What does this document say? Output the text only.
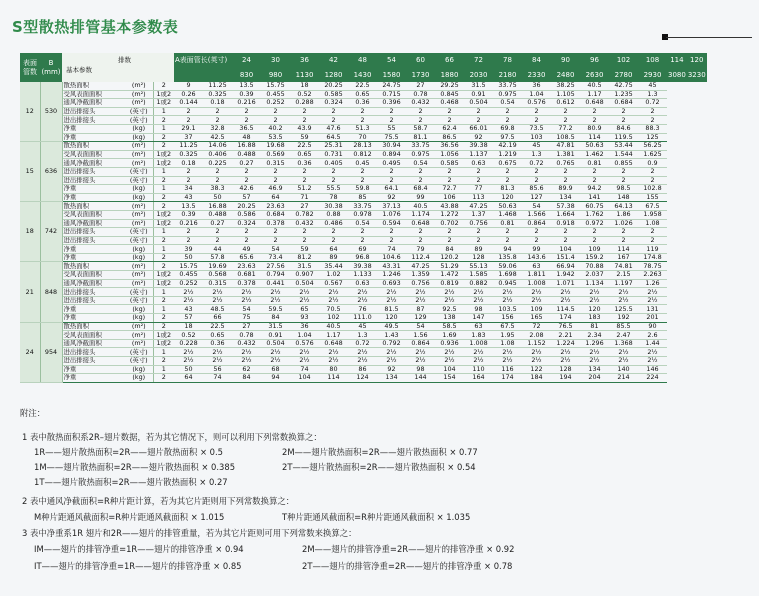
S型散热排管基本参数表
表面
管数	B
(mm)	基本参数
排数			A表面管长(英寸)		24	30	36	42	48	54	60	66	72	78	84	90	96	102	108	114	120
							830	980	1130	1280	1430	1580	1730	1880	2030	2180	2330	2480	2630	2780	2930	3080	3230
12	530	散热面积	(m²)	2	9	11.25	13.5	15.75	18	20.25	22.5	24.75	27	29.25	31.5	33.75	36	38.25	40.5	42.75	45		
		受风表面面积	(m²)	1或2	0.26	0.325	0.39	0.455	0.52	0.585	0.65	0.715	0.78	0.845	0.91	0.975	1.04	1.105	1.17	1.235	1.3		
		通风净截面积	(m²)	1或2	0.144	0.18	0.216	0.252	0.288	0.324	0.36	0.396	0.432	0.468	0.504	0.54	0.576	0.612	0.648	0.684	0.72		
		进出排接头	(英寸)	1	2	2	2	2	2	2	2	2	2	2	2	2	2	2	2	2	2		
		进出排接头	(英寸)	2	2	2	2	2	2	2	2	2	2	2	2	2	2	2	2	2	2		
		净重	(kg)	1	29.1	32.8	36.5	40.2	43.9	47.6	51.3	55	58.7	62.4	66.01	69.8	73.5	77.2	80.9	84.6	88.3		
		净重	(kg)	2	37	42.5	48	53.5	59	64.5	70	75.5	81.1	86.5	92	97.5	103	108.5	114	119.5	125		
15	636	散热面积	(m²)	2	11.25	14.06	16.88	19.68	22.5	25.31	28.13	30.94	33.75	36.56	39.38	42.19	45	47.81	50.63	53.44	56.25		
		受风表面面积	(m²)	1或2	0.325	0.406	0.488	0.569	0.65	0.731	0.812	0.894	0.975	1.056	1.137	1.219	1.3	1.381	1.462	1.544	1.625		
		通风净截面积	(m²)	1或2	0.18	0.225	0.27	0.315	0.36	0.405	0.45	0.495	0.54	0.585	0.63	0.675	0.72	0.765	0.81	0.855	0.9		
		进出排接头	(英寸)	1	2	2	2	2	2	2	2	2	2	2	2	2	2	2	2	2	2		
		进出排接头	(英寸)	2	2	2	2	2	2	2	2	2	2	2	2	2	2	2	2	2	2		
		净重	(kg)	1	34	38.3	42.6	46.9	51.2	55.5	59.8	64.1	68.4	72.7	77	81.3	85.6	89.9	94.2	98.5	102.8		
		净重	(kg)	2	43	50	57	64	71	78	85	92	99	106	113	120	127	134	141	148	155		
18	742	散热面积	(m²)	2	13.5	16.88	20.25	23.63	27	30.38	33.75	37.13	40.5	43.88	47.25	50.63	54	57.38	60.75	64.13	67.5		
		受风表面面积	(m²)	1或2	0.39	0.488	0.586	0.684	0.782	0.88	0.978	1.076	1.174	1.272	1.37	1.468	1.566	1.664	1.762	1.86	1.958		
		通风净截面积	(m²)	1或2	0.216	0.27	0.324	0.378	0.432	0.486	0.54	0.594	0.648	0.702	0.756	0.81	0.864	0.918	0.972	1.026	1.08		
		进出排接头	(英寸)	1	2	2	2	2	2	2	2	2	2	2	2	2	2	2	2	2	2		
		进出排接头	(英寸)	2	2	2	2	2	2	2	2	2	2	2	2	2	2	2	2	2	2		
		净重	(kg)	1	39	44	49	54	59	64	69	74	79	84	89	94	99	104	109	114	119		
		净重	(kg)	2	50	57.8	65.6	73.4	81.2	89	96.8	104.6	112.4	120.2	128	135.8	143.6	151.4	159.2	167	174.8		
21	848	散热面积	(m²)	2	15.75	19.69	23.63	27.56	31.5	35.44	39.38	43.31	47.25	51.29	55.13	59.06	63	66.94	70.88	74.81	78.75		
		受风表面面积	(m²)	1或2	0.455	0.568	0.681	0.794	0.907	1.02	1.133	1.246	1.359	1.472	1.585	1.698	1.811	1.942	2.037	2.15	2.263		
		通风净截面积	(m²)	1或2	0.252	0.315	0.378	0.441	0.504	0.567	0.63	0.693	0.756	0.819	0.882	0.945	1.008	1.071	1.134	1.197	1.26		
		进出排接头	(英寸)	1	2½	2½	2½	2½	2½	2½	2½	2½	2½	2½	2½	2½	2½	2½	2½	2½	2½		
		进出排接头	(英寸)	2	2½	2½	2½	2½	2½	2½	2½	2½	2½	2½	2½	2½	2½	2½	2½	2½	2½		
		净重	(kg)	1	43	48.5	54	59.5	65	70.5	76	81.5	87	92.5	98	103.5	109	114.5	120	125.5	131		
		净重	(kg)	2	57	66	75	84	93	102	111.0	120	129	138	147	156	165	174	183	192	201		
24	954	散热面积	(m²)	2	18	22.5	27	31.5	36	40.5	45	49.5	54	58.5	63	67.5	72	76.5	81	85.5	90		
		受风表面面积	(m²)	1或2	0.52	0.65	0.78	0.91	1.04	1.17	1.3	1.43	1.56	1.69	1.83	1.95	2.08	2.21	2.34	2.47	2.6		
		通风净截面积	(m²)	1或2	0.228	0.36	0.432	0.504	0.576	0.648	0.72	0.792	0.864	0.936	1.008	1.08	1.152	1.224	1.296	1.368	1.44		
		进出排接头	(英寸)	1	2½	2½	2½	2½	2½	2½	2½	2½	2½	2½	2½	2½	2½	2½	2½	2½	2½		
		进出排接头	(英寸)	2	2½	2½	2½	2½	2½	2½	2½	2½	2½	2½	2½	2½	2½	2½	2½	2½	2½		
		净重	(kg)	1	50	56	62	68	74	80	86	92	98	104	110	116	122	128	134	140	146		
		净重	(kg)	2	64	74	84	94	104	114	124	134	144	154	164	174	184	194	204	214	224		
附注：
1 表中散热面积系2R–翅片数据，若为其它情况下，则可以利用下列常数换算之：
1R——翅片散热面积=2R——翅片散热面积 × 0.5	2M——翅片散热面积=2R——翅片散热面积 × 0.77
1M——翅片散热面积=2R——翅片散热面积 × 0.385	2T——翅片散热面积=2R——翅片散热面积 × 0.54
1T——翅片散热面积=2R——翅片散热面积 × 0.27
2 表中通风净截面积=R种片距计算，若为其它片距则用下列常数换算之：
M种片距通风截面积=R种片距通风截面积 × 1.015	T种片距通风截面积=R种片距通风截面积 × 1.035
3 表中净重系1R 翅片和2R——翅片的排管重量，若为其它片距则可用下列常数来换算之：
IM——翅片的排管净重=1R——翅片的排管净重 × 0.94	2M——翅片的排管净重=2R——翅片的排管净重 × 0.92
IT——翅片的排管净重=1R——翅片的排管净重 × 0.85	2T——翅片的排管净重=2R——翅片的排管净重 × 0.78
